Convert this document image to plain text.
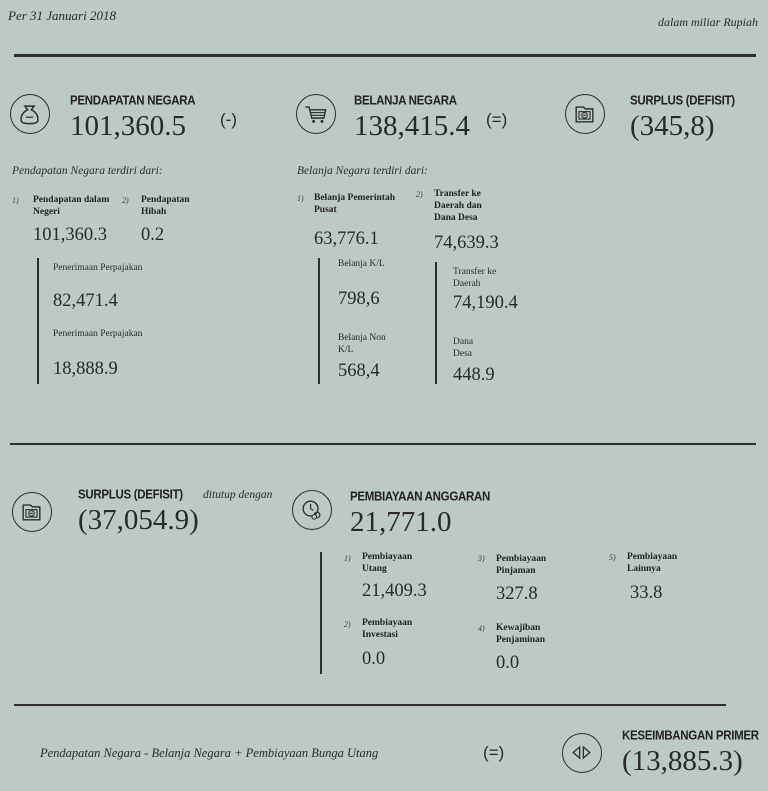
Per 31 Januari 2018	dalam miliar Rupiah
PENDAPATAN NEGARA
101,360.5 (-)
BELANJA NEGARA
138,415.4 (=)
SURPLUS (DEFISIT)
(345,8)
Pendapatan Negara terdiri dari:
1) Pendapatan dalam Negeri
101,360.3
2) Pendapatan Hibah
0.2
Penerimaan Perpajakan
82,471.4
Penerimaan Perpajakan
18,888.9
Belanja Negara terdiri dari:
1) Belanja Pemerintah Pusat
63,776.1
2) Transfer ke Daerah dan Dana Desa
74,639.3
Belanja K/L
798,6
Belanja Non K/L
568,4
Transfer ke Daerah
74,190.4
Dana Desa
448.9
SURPLUS (DEFISIT)
(37,054.9)
ditutup dengan	PEMBIAYAAN ANGGARAN
21,771.0
1) Pembiayaan Utang
21,409.3
2) Pembiayaan Investasi
0.0
3) Pembiayaan Pinjaman
327.8
4) Kewajiban Penjaminan
0.0
5) Pembiayaan Lainnya
33.8
Pendapatan Negara - Belanja Negara + Pembiayaan Bunga Utang	(=)
KESEIMBANGAN PRIMER
(13,885.3)
